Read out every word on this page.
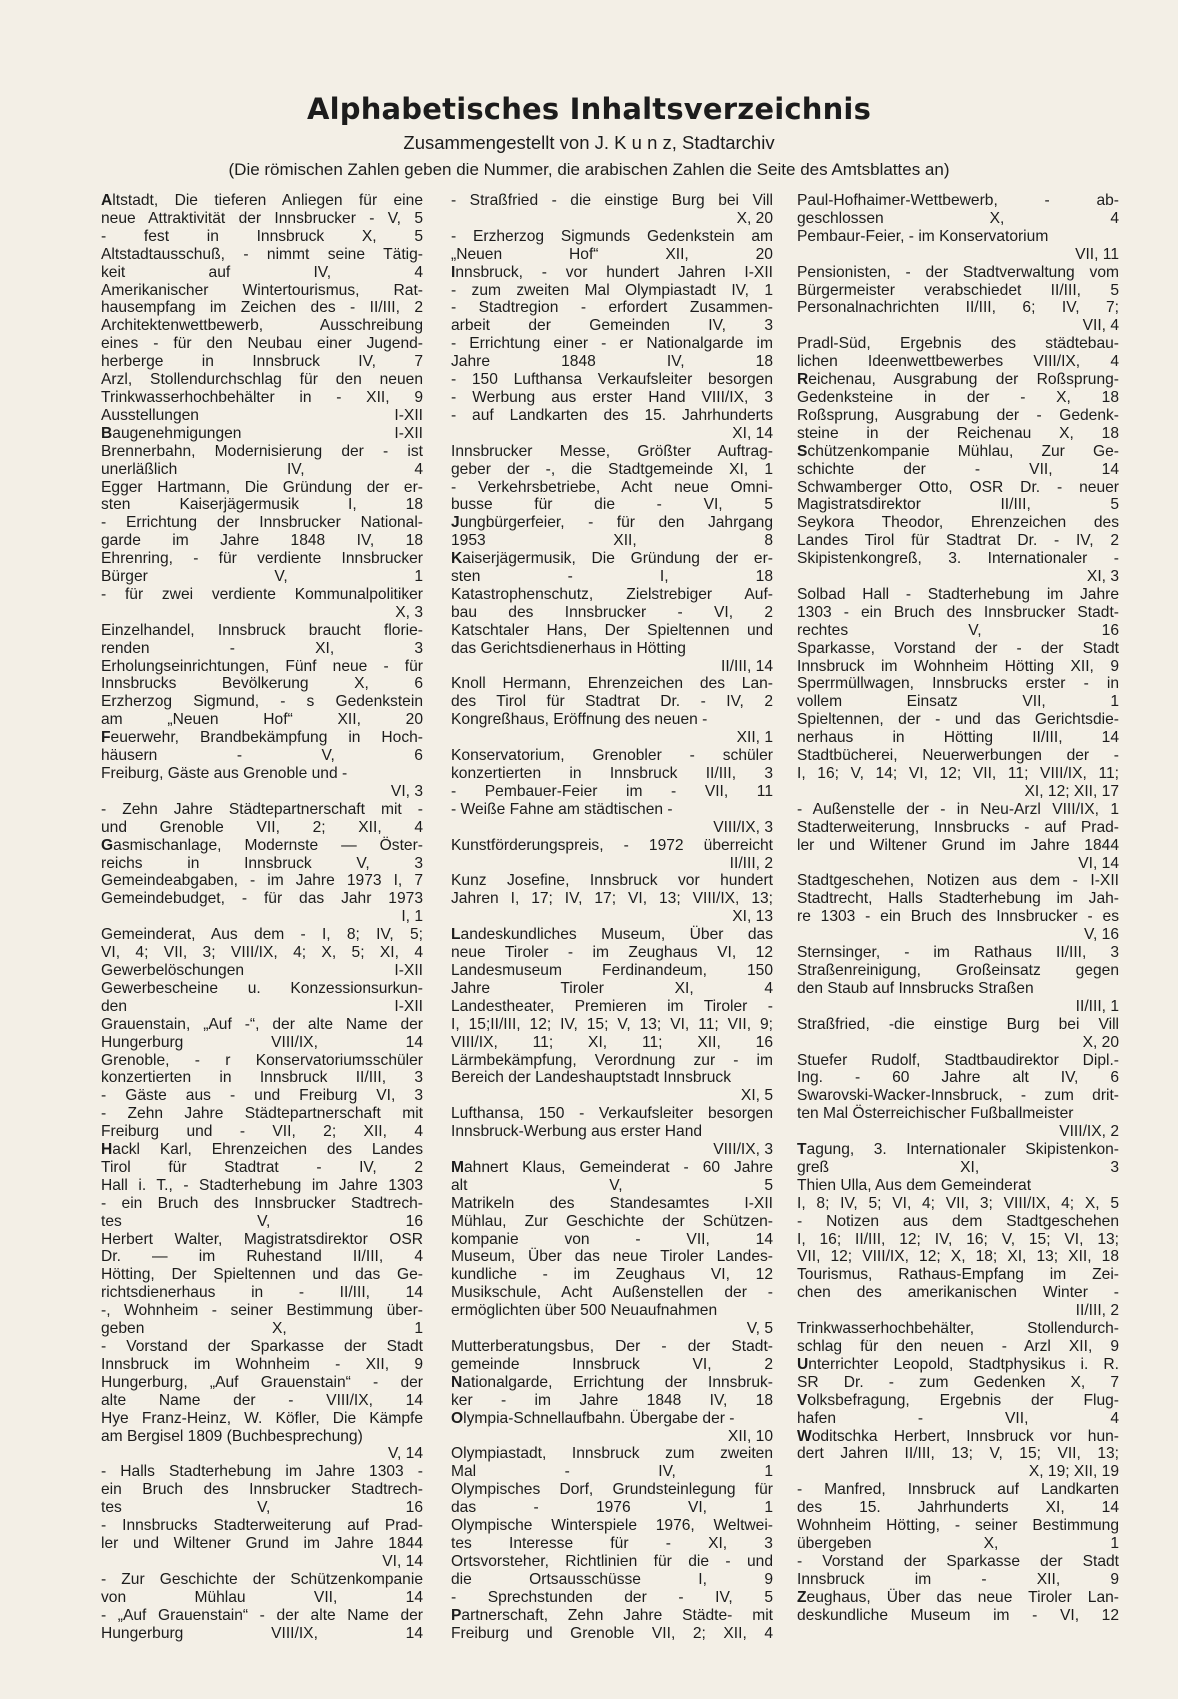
Alphabetisches Inhaltsverzeichnis

Zusammengestellt von J. K u n z, Stadtarchiv

(Die römischen Zahlen geben die Nummer, die arabischen Zahlen die Seite des Amtsblattes an)

Altstadt, Die tieferen Anliegen für eine

neue Attraktivität der Innsbrucker - V, 5

- fest in Innsbruck X, 5

Altstadtausschuß, - nimmt seine Tätig-

keit auf IV, 4

Amerikanischer Wintertourismus, Rat-

hausempfang im Zeichen des - II/III, 2

Architektenwettbewerb, Ausschreibung

eines - für den Neubau einer Jugend-

herberge in Innsbruck IV, 7

Arzl, Stollendurchschlag für den neuen

Trinkwasserhochbehälter in - XII, 9

Ausstellungen I-XII

Baugenehmigungen I-XII

Brennerbahn, Modernisierung der - ist

unerläßlich IV, 4

Egger Hartmann, Die Gründung der er-

sten Kaiserjägermusik I, 18

- Errichtung der Innsbrucker National-

garde im Jahre 1848 IV, 18

Ehrenring, - für verdiente Innsbrucker

Bürger V, 1

- für zwei verdiente Kommunalpolitiker

X, 3

Einzelhandel, Innsbruck braucht florie-

renden - XI, 3

Erholungseinrichtungen, Fünf neue - für

Innsbrucks Bevölkerung X, 6

Erzherzog Sigmund, - s Gedenkstein

am „Neuen Hof“ XII, 20

Feuerwehr, Brandbekämpfung in Hoch-

häusern - V, 6

Freiburg, Gäste aus Grenoble und -

VI, 3

- Zehn Jahre Städtepartnerschaft mit -

und Grenoble VII, 2; XII, 4

Gasmischanlage, Modernste — Öster-

reichs in Innsbruck V, 3

Gemeindeabgaben, - im Jahre 1973 I, 7

Gemeindebudget, - für das Jahr 1973

I, 1

Gemeinderat, Aus dem - I, 8; IV, 5;

VI, 4; VII, 3; VIII/IX, 4; X, 5; XI, 4

Gewerbelöschungen I-XII

Gewerbescheine u. Konzessionsurkun-

den I-XII

Grauenstain, „Auf -“, der alte Name der

Hungerburg VIII/IX, 14

Grenoble, - r Konservatoriumsschüler

konzertierten in Innsbruck II/III, 3

- Gäste aus - und Freiburg VI, 3

- Zehn Jahre Städtepartnerschaft mit

Freiburg und - VII, 2; XII, 4

Hackl Karl, Ehrenzeichen des Landes

Tirol für Stadtrat - IV, 2

Hall i. T., - Stadterhebung im Jahre 1303

- ein Bruch des Innsbrucker Stadtrech-

tes V, 16

Herbert Walter, Magistratsdirektor OSR

Dr. — im Ruhestand II/III, 4

Hötting, Der Spieltennen und das Ge-

richtsdienerhaus in - II/III, 14

-, Wohnheim - seiner Bestimmung über-

geben X, 1

- Vorstand der Sparkasse der Stadt

Innsbruck im Wohnheim - XII, 9

Hungerburg, „Auf Grauenstain“ - der

alte Name der - VIII/IX, 14

Hye Franz-Heinz, W. Köfler, Die Kämpfe

am Bergisel 1809 (Buchbesprechung)

V, 14

- Halls Stadterhebung im Jahre 1303 -

ein Bruch des Innsbrucker Stadtrech-

tes V, 16

- Innsbrucks Stadterweiterung auf Prad-

ler und Wiltener Grund im Jahre 1844

VI, 14

- Zur Geschichte der Schützenkompanie

von Mühlau VII, 14

- „Auf Grauenstain“ - der alte Name der

Hungerburg VIII/IX, 14

- Straßfried - die einstige Burg bei Vill

X, 20

- Erzherzog Sigmunds Gedenkstein am

„Neuen Hof“ XII, 20

Innsbruck, - vor hundert Jahren I-XII

- zum zweiten Mal Olympiastadt IV, 1

- Stadtregion - erfordert Zusammen-

arbeit der Gemeinden IV, 3

- Errichtung einer - er Nationalgarde im

Jahre 1848 IV, 18

- 150 Lufthansa Verkaufsleiter besorgen

- Werbung aus erster Hand VIII/IX, 3

- auf Landkarten des 15. Jahrhunderts

XI, 14

Innsbrucker Messe, Größter Auftrag-

geber der -, die Stadtgemeinde XI, 1

- Verkehrsbetriebe, Acht neue Omni-

busse für die - VI, 5

Jungbürgerfeier, - für den Jahrgang

1953 XII, 8

Kaiserjägermusik, Die Gründung der er-

sten - I, 18

Katastrophenschutz, Zielstrebiger Auf-

bau des Innsbrucker - VI, 2

Katschtaler Hans, Der Spieltennen und

das Gerichtsdienerhaus in Hötting

II/III, 14

Knoll Hermann, Ehrenzeichen des Lan-

des Tirol für Stadtrat Dr. - IV, 2

Kongreßhaus, Eröffnung des neuen -

XII, 1

Konservatorium, Grenobler - schüler

konzertierten in Innsbruck II/III, 3

- Pembauer-Feier im - VII, 11

- Weiße Fahne am städtischen -

VIII/IX, 3

Kunstförderungspreis, - 1972 überreicht

II/III, 2

Kunz Josefine, Innsbruck vor hundert

Jahren I, 17; IV, 17; VI, 13; VIII/IX, 13;

XI, 13

Landeskundliches Museum, Über das

neue Tiroler - im Zeughaus VI, 12

Landesmuseum Ferdinandeum, 150

Jahre Tiroler XI, 4

Landestheater, Premieren im Tiroler -

I, 15;II/III, 12; IV, 15; V, 13; VI, 11; VII, 9;

VIII/IX, 11; XI, 11; XII, 16

Lärmbekämpfung, Verordnung zur - im

Bereich der Landeshauptstadt Innsbruck

XI, 5

Lufthansa, 150 - Verkaufsleiter besorgen

Innsbruck-Werbung aus erster Hand

VIII/IX, 3

Mahnert Klaus, Gemeinderat - 60 Jahre

alt V, 5

Matrikeln des Standesamtes I-XII

Mühlau, Zur Geschichte der Schützen-

kompanie von - VII, 14

Museum, Über das neue Tiroler Landes-

kundliche - im Zeughaus VI, 12

Musikschule, Acht Außenstellen der -

ermöglichten über 500 Neuaufnahmen

V, 5

Mutterberatungsbus, Der - der Stadt-

gemeinde Innsbruck VI, 2

Nationalgarde, Errichtung der Innsbruk-

ker - im Jahre 1848 IV, 18

Olympia-Schnellaufbahn. Übergabe der -

XII, 10

Olympiastadt, Innsbruck zum zweiten

Mal - IV, 1

Olympisches Dorf, Grundsteinlegung für

das - 1976 VI, 1

Olympische Winterspiele 1976, Weltwei-

tes Interesse für - XI, 3

Ortsvorsteher, Richtlinien für die - und

die Ortsausschüsse I, 9

- Sprechstunden der - IV, 5

Partnerschaft, Zehn Jahre Städte- mit

Freiburg und Grenoble VII, 2; XII, 4

Paul-Hofhaimer-Wettbewerb, - ab-

geschlossen X, 4

Pembaur-Feier, - im Konservatorium

VII, 11

Pensionisten, - der Stadtverwaltung vom

Bürgermeister verabschiedet II/III, 5

Personalnachrichten II/III, 6; IV, 7;

VII, 4

Pradl-Süd, Ergebnis des städtebau-

lichen Ideenwettbewerbes VIII/IX, 4

Reichenau, Ausgrabung der Roßsprung-

Gedenksteine in der - X, 18

Roßsprung, Ausgrabung der - Gedenk-

steine in der Reichenau X, 18

Schützenkompanie Mühlau, Zur Ge-

schichte der - VII, 14

Schwamberger Otto, OSR Dr. - neuer

Magistratsdirektor II/III, 5

Seykora Theodor, Ehrenzeichen des

Landes Tirol für Stadtrat Dr. - IV, 2

Skipistenkongreß, 3. Internationaler -

XI, 3

Solbad Hall - Stadterhebung im Jahre

1303 - ein Bruch des Innsbrucker Stadt-

rechtes V, 16

Sparkasse, Vorstand der - der Stadt

Innsbruck im Wohnheim Hötting XII, 9

Sperrmüllwagen, Innsbrucks erster - in

vollem Einsatz VII, 1

Spieltennen, der - und das Gerichtsdie-

nerhaus in Hötting II/III, 14

Stadtbücherei, Neuerwerbungen der -

I, 16; V, 14; VI, 12; VII, 11; VIII/IX, 11;

XI, 12; XII, 17

- Außenstelle der - in Neu-Arzl VIII/IX, 1

Stadterweiterung, Innsbrucks - auf Prad-

ler und Wiltener Grund im Jahre 1844

VI, 14

Stadtgeschehen, Notizen aus dem - I-XII

Stadtrecht, Halls Stadterhebung im Jah-

re 1303 - ein Bruch des Innsbrucker - es

V, 16

Sternsinger, - im Rathaus II/III, 3

Straßenreinigung, Großeinsatz gegen

den Staub auf Innsbrucks Straßen

II/III, 1

Straßfried, -die einstige Burg bei Vill

X, 20

Stuefer Rudolf, Stadtbaudirektor Dipl.-

Ing. - 60 Jahre alt IV, 6

Swarovski-Wacker-Innsbruck, - zum drit-

ten Mal Österreichischer Fußballmeister

VIII/IX, 2

Tagung, 3. Internationaler Skipistenkon-

greß XI, 3

Thien Ulla, Aus dem Gemeinderat

I, 8; IV, 5; VI, 4; VII, 3; VIII/IX, 4; X, 5

- Notizen aus dem Stadtgeschehen

I, 16; II/III, 12; IV, 16; V, 15; VI, 13;

VII, 12; VIII/IX, 12; X, 18; XI, 13; XII, 18

Tourismus, Rathaus-Empfang im Zei-

chen des amerikanischen Winter -

II/III, 2

Trinkwasserhochbehälter, Stollendurch-

schlag für den neuen - Arzl XII, 9

Unterrichter Leopold, Stadtphysikus i. R.

SR Dr. - zum Gedenken X, 7

Volksbefragung, Ergebnis der Flug-

hafen - VII, 4

Woditschka Herbert, Innsbruck vor hun-

dert Jahren II/III, 13; V, 15; VII, 13;

X, 19; XII, 19

- Manfred, Innsbruck auf Landkarten

des 15. Jahrhunderts XI, 14

Wohnheim Hötting, - seiner Bestimmung

übergeben X, 1

- Vorstand der Sparkasse der Stadt

Innsbruck im - XII, 9

Zeughaus, Über das neue Tiroler Lan-

deskundliche Museum im - VI, 12
